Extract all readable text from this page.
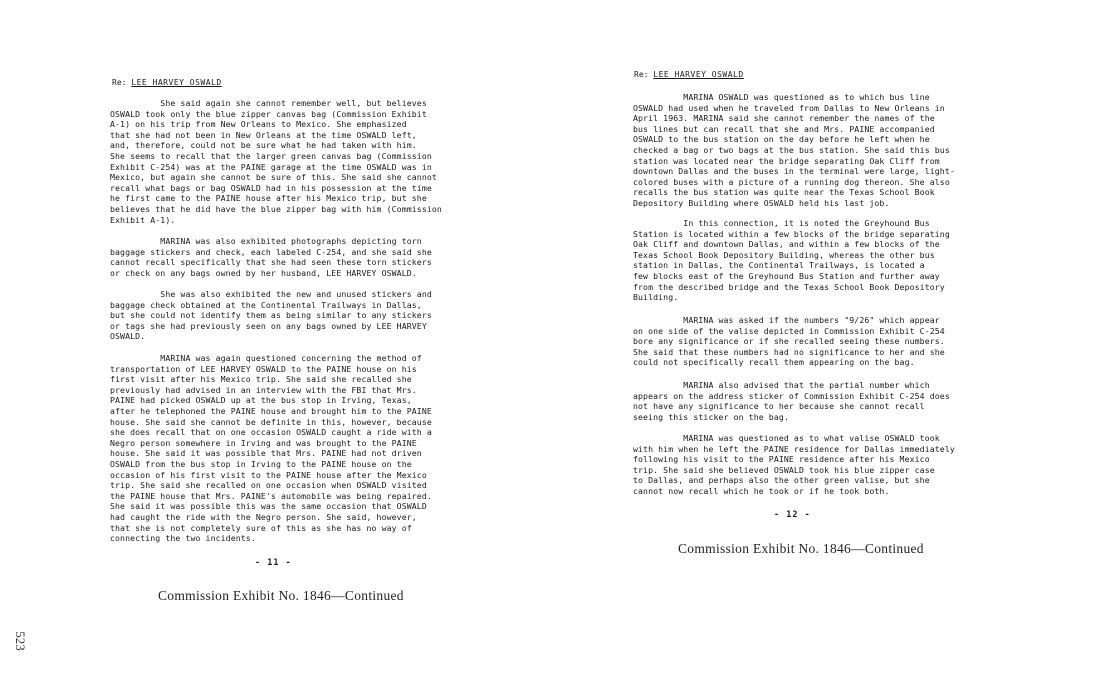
523
Re: LEE HARVEY OSWALD
She said again she cannot remember well, but believes
OSWALD took only the blue zipper canvas bag (Commission Exhibit
A-1) on his trip from New Orleans to Mexico. She emphasized
that she had not been in New Orleans at the time OSWALD left,
and, therefore, could not be sure what he had taken with him.
She seems to recall that the larger green canvas bag (Commission
Exhibit C-254) was at the PAINE garage at the time OSWALD was in
Mexico, but again she cannot be sure of this. She said she cannot
recall what bags or bag OSWALD had in his possession at the time
he first came to the PAINE house after his Mexico trip, but she
believes that he did have the blue zipper bag with him (Commission
Exhibit A-1).
MARINA was also exhibited photographs depicting torn
baggage stickers and check, each labeled C-254, and she said she
cannot recall specifically that she had seen these torn stickers
or check on any bags owned by her husband, LEE HARVEY OSWALD.
She was also exhibited the new and unused stickers and
baggage check obtained at the Continental Trailways in Dallas,
but she could not identify them as being similar to any stickers
or tags she had previously seen on any bags owned by LEE HARVEY
OSWALD.
MARINA was again questioned concerning the method of
transportation of LEE HARVEY OSWALD to the PAINE house on his
first visit after his Mexico trip. She said she recalled she
previously had advised in an interview with the FBI that Mrs.
PAINE had picked OSWALD up at the bus stop in Irving, Texas,
after he telephoned the PAINE house and brought him to the PAINE
house. She said she cannot be definite in this, however, because
she does recall that on one occasion OSWALD caught a ride with a
Negro person somewhere in Irving and was brought to the PAINE
house. She said it was possible that Mrs. PAINE had not driven
OSWALD from the bus stop in Irving to the PAINE house on the
occasion of his first visit to the PAINE house after the Mexico
trip. She said she recalled on one occasion when OSWALD visited
the PAINE house that Mrs. PAINE's automobile was being repaired.
She said it was possible this was the same occasion that OSWALD
had caught the ride with the Negro person. She said, however,
that she is not completely sure of this as she has no way of
connecting the two incidents.
- 11 -
Commission Exhibit No. 1846—Continued
Re: LEE HARVEY OSWALD
MARINA OSWALD was questioned as to which bus line
OSWALD had used when he traveled from Dallas to New Orleans in
April 1963. MARINA said she cannot remember the names of the
bus lines but can recall that she and Mrs. PAINE accompanied
OSWALD to the bus station on the day before he left when he
checked a bag or two bags at the bus station. She said this bus
station was located near the bridge separating Oak Cliff from
downtown Dallas and the buses in the terminal were large, light-
colored buses with a picture of a running dog thereon. She also
recalls the bus station was quite near the Texas School Book
Depository Building where OSWALD held his last job.
In this connection, it is noted the Greyhound Bus
Station is located within a few blocks of the bridge separating
Oak Cliff and downtown Dallas, and within a few blocks of the
Texas School Book Depository Building, whereas the other bus
station in Dallas, the Continental Trailways, is located a
few blocks east of the Greyhound Bus Station and further away
from the described bridge and the Texas School Book Depository
Building.
MARINA was asked if the numbers "9/26" which appear
on one side of the valise depicted in Commission Exhibit C-254
bore any significance or if she recalled seeing these numbers.
She said that these numbers had no significance to her and she
could not specifically recall them appearing on the bag.
MARINA also advised that the partial number which
appears on the address sticker of Commission Exhibit C-254 does
not have any significance to her because she cannot recall
seeing this sticker on the bag.
MARINA was questioned as to what valise OSWALD took
with him when he left the PAINE residence for Dallas immediately
following his visit to the PAINE residence after his Mexico
trip. She said she believed OSWALD took his blue zipper case
to Dallas, and perhaps also the other green valise, but she
cannot now recall which he took or if he took both.
- 12 -
Commission Exhibit No. 1846—Continued
